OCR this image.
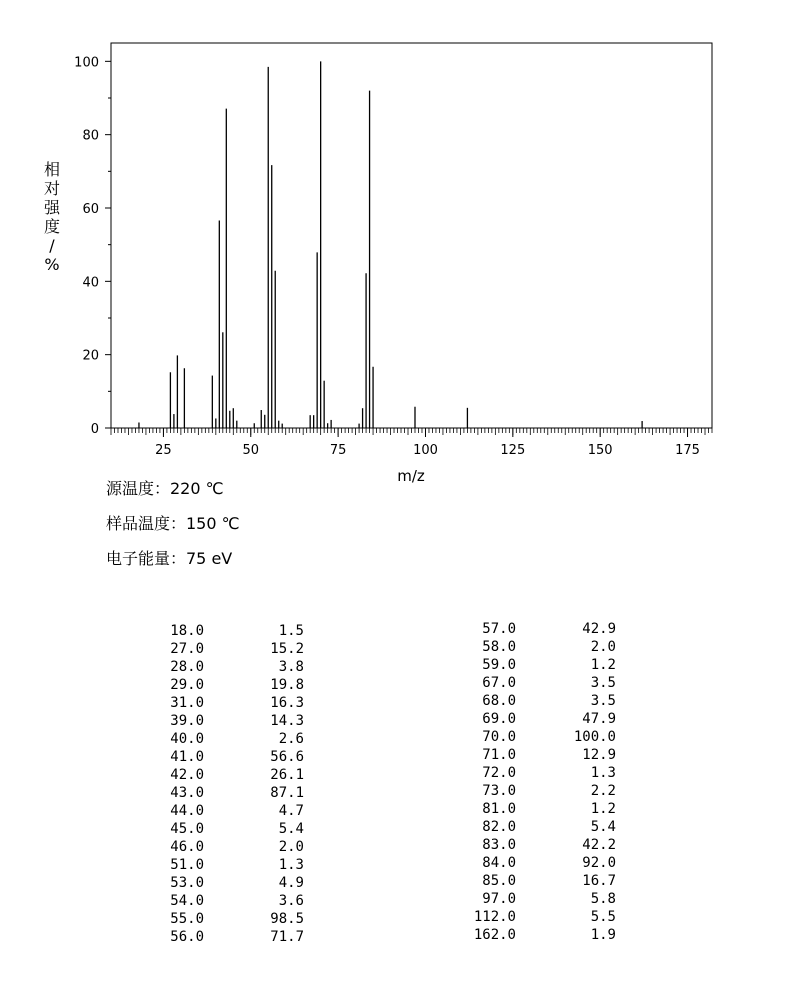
25	50	75	100	125	150	175
0
20
40
60
80
100
m/z
相
对
强
度
/
%
源温度：220 ℃
样品温度：150 ℃
电子能量：75 eV
18.0	1.5
27.0	15.2
28.0	3.8
29.0	19.8
31.0	16.3
39.0	14.3
40.0	2.6
41.0	56.6
42.0	26.1
43.0	87.1
44.0	4.7
45.0	5.4
46.0	2.0
51.0	1.3
53.0	4.9
54.0	3.6
55.0	98.5
56.0	71.7
57.0	42.9
58.0	2.0
59.0	1.2
67.0	3.5
68.0	3.5
69.0	47.9
70.0	100.0
71.0	12.9
72.0	1.3
73.0	2.2
81.0	1.2
82.0	5.4
83.0	42.2
84.0	92.0
85.0	16.7
97.0	5.8
112.0	5.5
162.0	1.9
